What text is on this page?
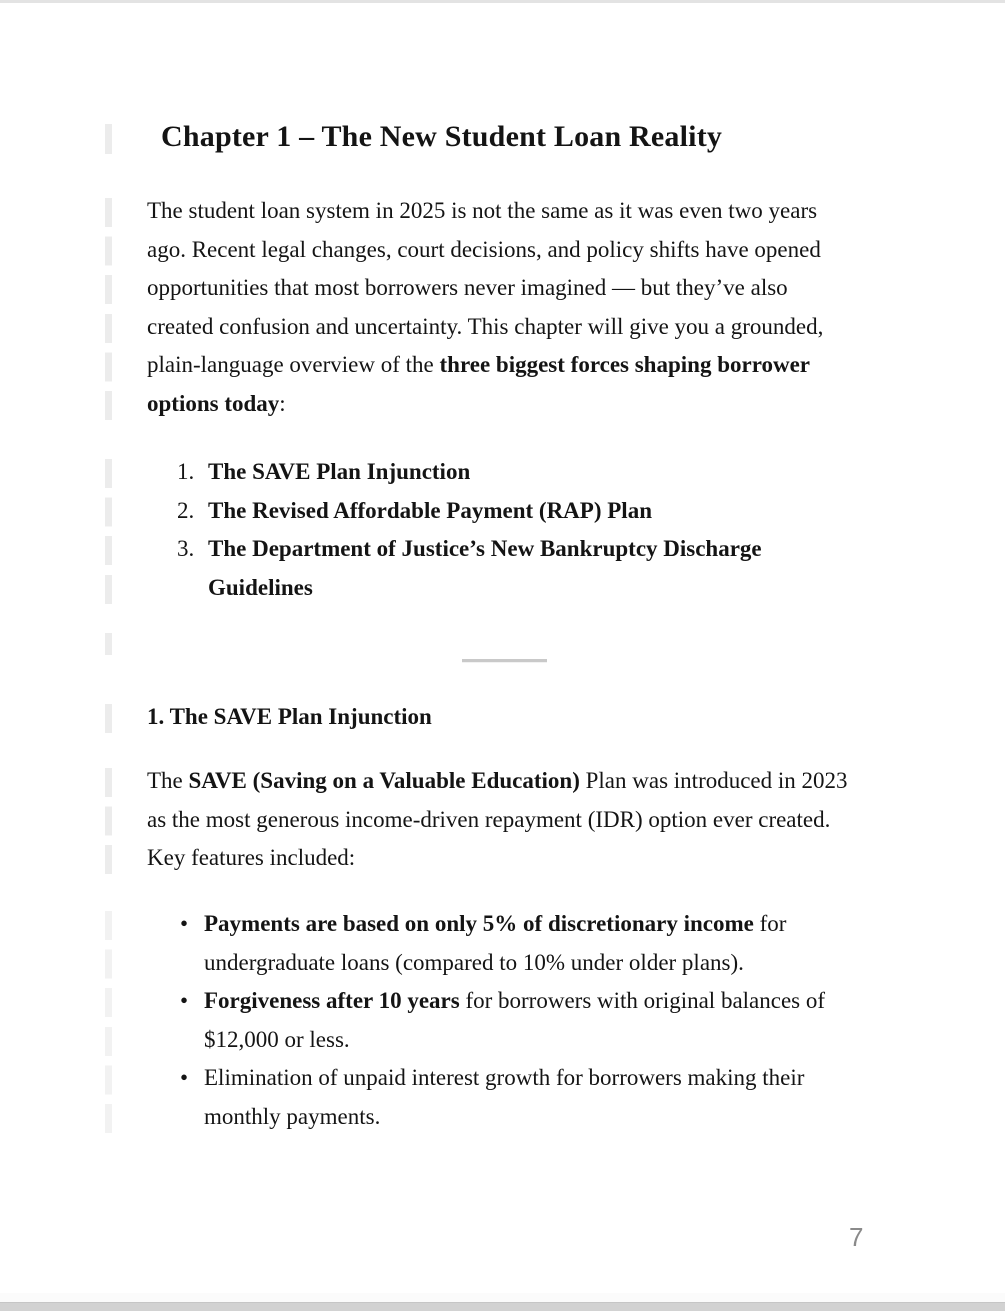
Chapter 1 – The New Student Loan Reality
The student loan system in 2025 is not the same as it was even two years
ago. Recent legal changes, court decisions, and policy shifts have opened
opportunities that most borrowers never imagined — but they’ve also
created confusion and uncertainty. This chapter will give you a grounded,
plain-language overview of the three biggest forces shaping borrower
options today:
1. The SAVE Plan Injunction
2. The Revised Affordable Payment (RAP) Plan
3. The Department of Justice’s New Bankruptcy Discharge
Guidelines
1. The SAVE Plan Injunction
The SAVE (Saving on a Valuable Education) Plan was introduced in 2023
as the most generous income-driven repayment (IDR) option ever created.
Key features included:
• Payments are based on only 5% of discretionary income for
undergraduate loans (compared to 10% under older plans).
• Forgiveness after 10 years for borrowers with original balances of
$12,000 or less.
• Elimination of unpaid interest growth for borrowers making their
monthly payments.
7
